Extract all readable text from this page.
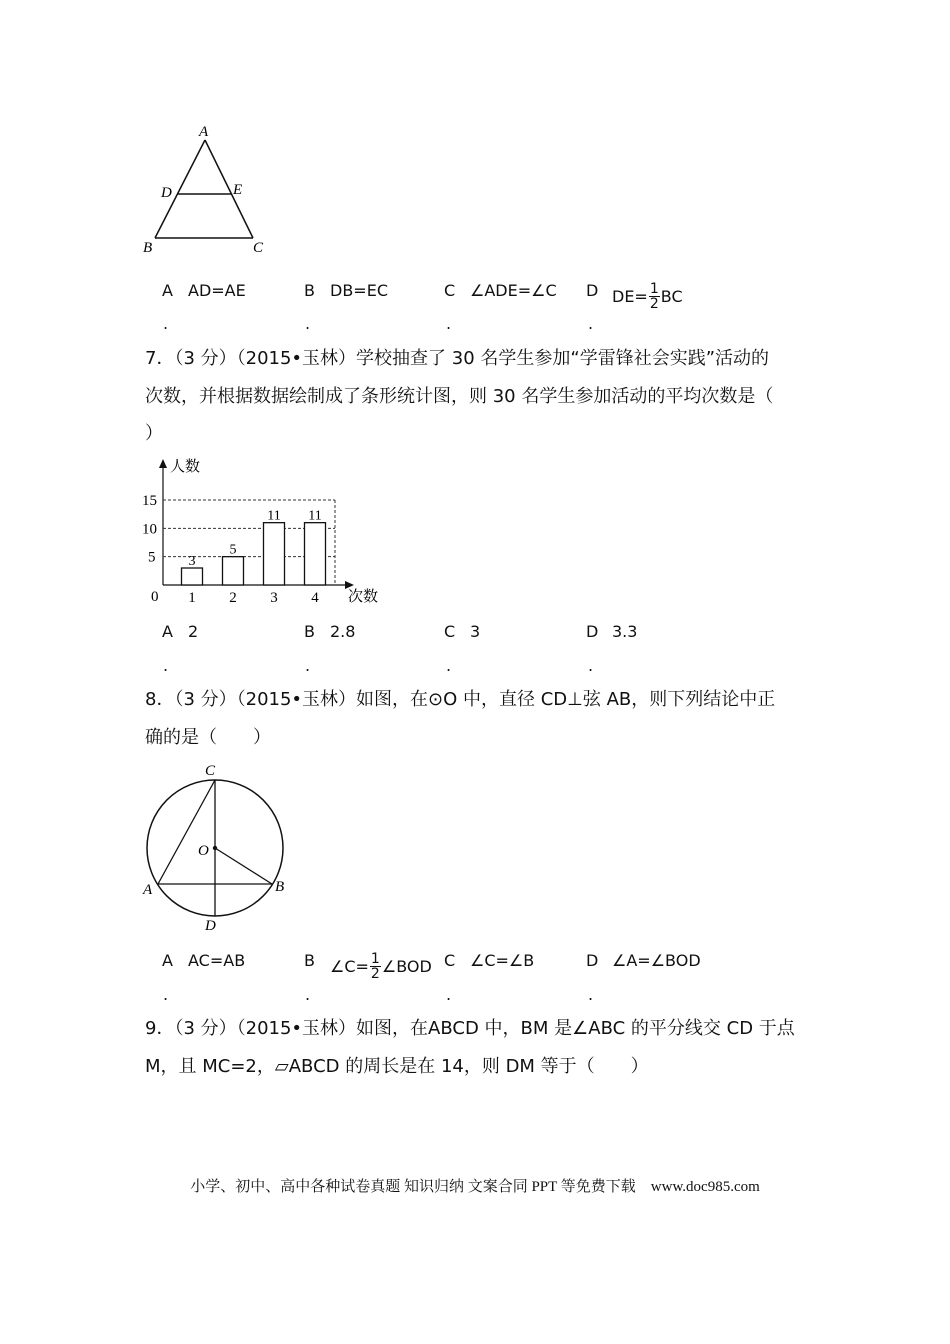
A
D	E
B	C
A AD=AE	B DB=EC	C ∠ADE=∠C D $DE= \frac{1}{2}$ BC
.	.	.	.
7．（3 分）（2015•玉林）学校抽查了 30 名学生参加“学雷锋社会实践”活动的
次数，并根据数据绘制成了条形统计图，则 30 名学生参加活动的平均次数是（
）
0
5
10
15
3
1
5
2
11
3
11
4
人数
次数
A 2	B 2.8	C 3	D 3.3
.	.	.	.
8．（3 分）（2015•玉林）如图，在⊙O 中，直径 CD⊥弦 AB，则下列结论中正
确的是（　　）
C
O
A	B
D
A AC=AB	B ∠C= $\frac{1}{2}$ ∠BOD C ∠C=∠B	D ∠A=∠BOD
.	.	.	.
9．（3 分）（2015•玉林）如图，在ABCD 中，BM 是∠ABC 的平分线交 CD 于点
M，且 MC=2，▱ABCD 的周长是在 14，则 DM 等于（　　）
小学、初中、高中各种试卷真题 知识归纳 文案合同 PPT 等免费下载　www.doc985.com
